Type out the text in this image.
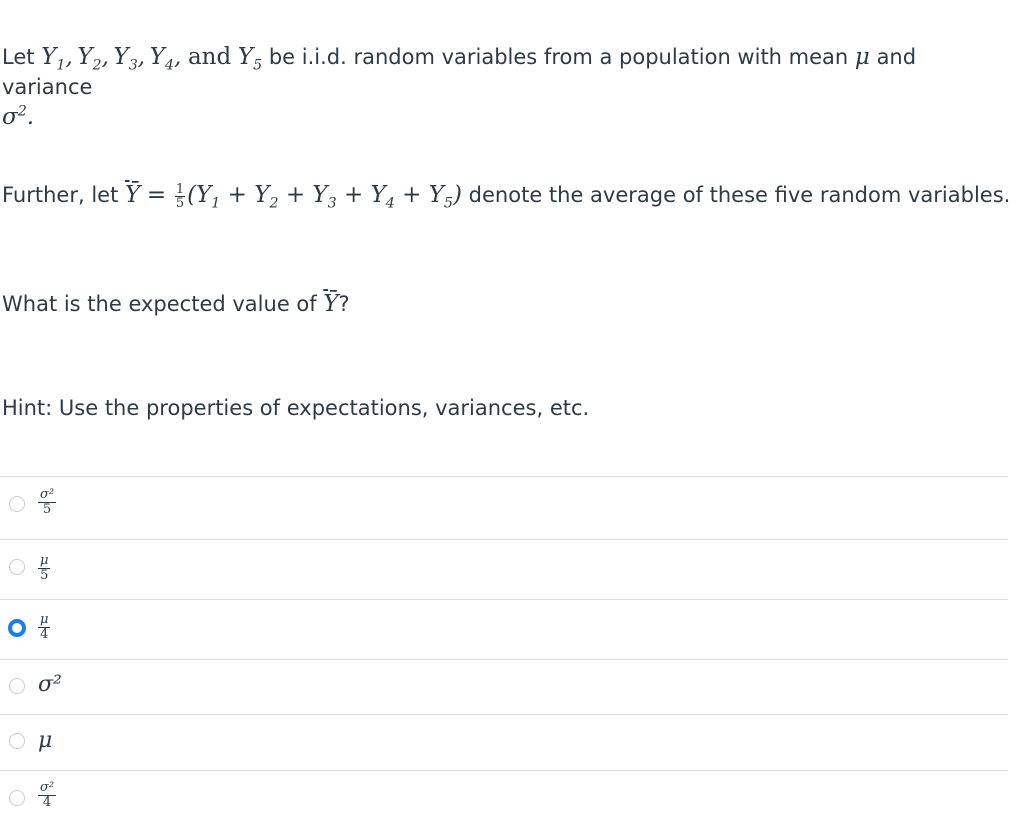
Let $Y_1$, $Y_2$, $Y_3$, $Y_4$, and $Y_5$ be i.i.d. random variables from a population with mean μ and variance
$\sigma^2$.
Further, let $\overline{Ȳ} = \frac{1}{5} (Y_1 + Y_2 + Y_3 + Y_4 + Y_5)$ denote the average of these five random variables.
What is the expected value of $\overline{Ȳ}$?
Hint: Use the properties of expectations, variances, etc.
$\frac{\text{σ²}}{5}$
$\frac{\mu}{5}$
$\frac{\mu}{4}$
σ²
μ
$\frac{\text{σ²}}{4}$
